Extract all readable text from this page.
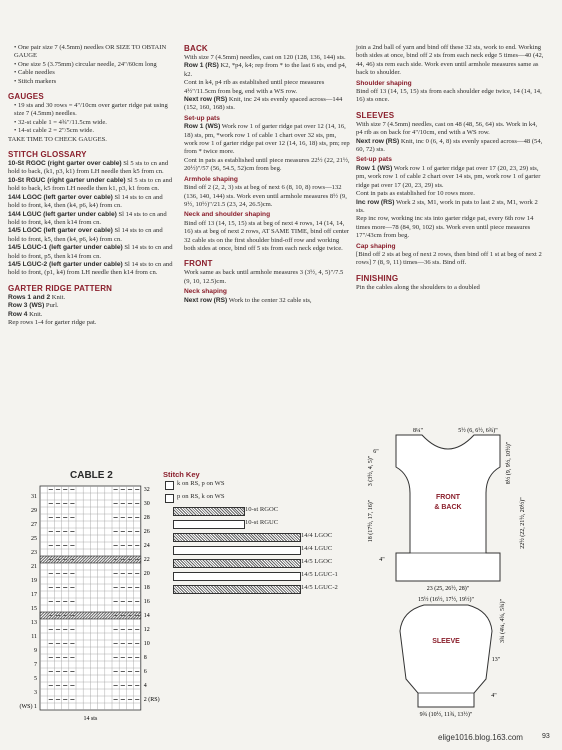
• One pair size 7 (4.5mm) needles OR SIZE TO OBTAIN GAUGE
• One size 5 (3.75mm) circular needle, 24"/60cm long
• Cable needles
• Stitch markers
GAUGES
• 19 sts and 30 rows = 4"/10cm over garter ridge pat using size 7 (4.5mm) needles.
• 32-st cable 1 = 4¾"/11.5cm wide.
• 14-st cable 2 = 2"/5cm wide.
TAKE TIME TO CHECK GAUGES.
STITCH GLOSSARY
10-St RGOC (right garter over cable) Sl 5 sts to cn and hold to back, (k1, p3, k1) from LH needle then k5 from cn.
10-St RGUC (right garter under cable) Sl 5 sts to cn and hold to back, k5 from LH needle then k1, p3, k1 from cn.
14/4 LGOC (left garter over cable) Sl 14 sts to cn and hold to front, k4, then (k4, p6, k4) from cn.
14/4 LGUC (left garter under cable) Sl 14 sts to cn and hold to front, k4, then k14 from cn.
14/5 LGOC (left garter over cable) Sl 14 sts to cn and hold to front, k5, then (k4, p6, k4) from cn.
14/5 LGUC-1 (left garter under cable) Sl 14 sts to cn and hold to front, p5, then k14 from cn.
14/5 LGUC-2 (left garter under cable) Sl 14 sts to cn and hold to front, (p1, k4) from LH needle then k14 from cn.
GARTER RIDGE PATTERN
Rows 1 and 2 Knit.
Row 3 (WS) Purl.
Row 4 Knit.
Rep rows 1-4 for garter ridge pat.
BACK
With size 7 (4.5mm) needles, cast on 120 (128, 136, 144) sts.
Row 1 (RS) K2, *p4, k4; rep from * to the last 6 sts, end p4, k2.
Cont in k4, p4 rib as established until piece measures 4½"/11.5cm from beg, end with a WS row.
Next row (RS) Knit, inc 24 sts evenly spaced across—144 (152, 160, 168) sts.
Set-up pats
Row 1 (WS) Work row 1 of garter ridge pat over 12 (14, 16, 18) sts, pm, *work row 1 of cable 1 chart over 32 sts, pm, work row 1 of garter ridge pat over 12 (14, 16, 18) sts, pm; rep from * twice more.
Cont in pats as established until piece measures 22½ (22, 21½, 20½)"/57 (56, 54.5, 52)cm from beg.
Armhole shaping
Bind off 2 (2, 2, 3) sts at beg of next 6 (8, 10, 8) rows—132 (136, 140, 144) sts. Work even until armhole measures 8½ (9, 9½, 10½)"/21.5 (23, 24, 26.5)cm.
Neck and shoulder shaping
Bind off 13 (14, 15, 15) sts at beg of next 4 rows, 14 (14, 14, 16) sts at beg of next 2 rows, AT SAME TIME, bind off center 32 cable sts on the first shoulder bind-off row and working both sides at once, bind off 5 sts from each neck edge twice.
FRONT
Work same as back until armhole measures 3 (3½, 4, 5)"/7.5 (9, 10, 12.5)cm.
Neck shaping
Next row (RS) Work to the center 32 cable sts,
join a 2nd ball of yarn and bind off these 32 sts, work to end. Working both sides at once, bind off 2 sts from each neck edge 5 times—40 (42, 44, 46) sts rem each side. Work even until armhole measures same as back to shoulder.
Shoulder shaping
Bind off 13 (14, 15, 15) sts from each shoulder edge twice, 14 (14, 14, 16) sts once.
SLEEVES
With size 7 (4.5mm) needles, cast on 48 (48, 56, 64) sts. Work in k4, p4 rib as on back for 4"/10cm, end with a WS row.
Next row (RS) Knit, inc 0 (6, 4, 8) sts evenly spaced across—48 (54, 60, 72) sts.
Set-up pats
Row 1 (WS) Work row 1 of garter ridge pat over 17 (20, 23, 29) sts, pm, work row 1 of cable 2 chart over 14 sts, pm, work row 1 of garter ridge pat over 17 (20, 23, 29) sts.
Cont in pats as established for 10 rows more.
Inc row (RS) Work 2 sts, M1, work in pats to last 2 sts, M1, work 2 sts.
Rep inc row, working inc sts into garter ridge pat, every 6th row 14 times more—78 (84, 90, 102) sts. Work even until piece measures 17"/43cm from beg.
Cap shaping
[Bind off 2 sts at beg of next 2 rows, then bind off 1 st at beg of next 2 rows] 7 (8, 9, 11) times—36 sts. Bind off.
FINISHING
Pin the cables along the shoulders to a doubled
CABLE 2
31
29
27
25
23
21
19
17
15
13
11
9
7
5
3
(WS) 1
32
30
28
26
24
22
20
18
16
14
12
10
8
6
4
2 (RS)
14 sts
Stitch Key
k on RS, p on WS
p on RS, k on WS
10-st RGOC
10-st RGUC
14/4 LGOC
14/4 LGUC
14/5 LGOC
14/5 LGUC-1
14/5 LGUC-2
8¼"	5½ (6, 6½, 6¾)"
6"
3 (3½, 4, 5)"
18 (17½, 17, 16)"
4"
8½ (9, 9½, 10½)"
22½ (22, 21½, 20½)"
FRONT
& BACK
23 (25, 26½, 28)"
15½ (16½, 17½, 19½)"	3¾ (4¼, 4¾, 5¾)"
13"
4"
SLEEVE
9¾ (10½, 11¾, 13½)"
elige1016.blog.163.com	93
